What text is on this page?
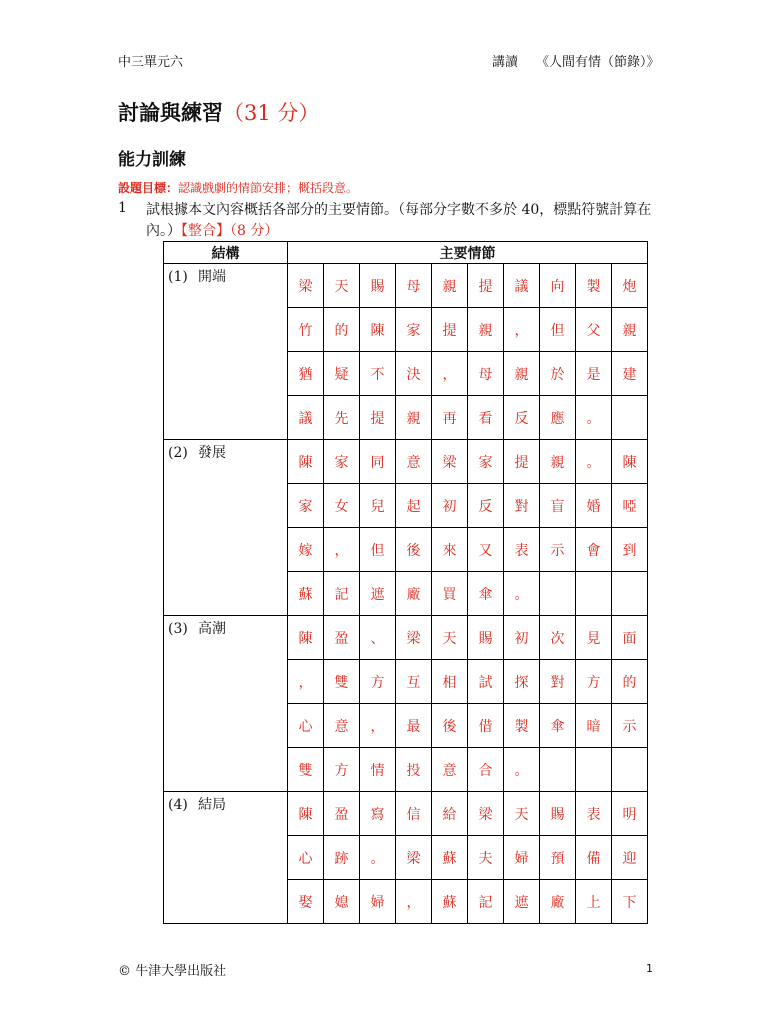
中三單元六	講讀 《人間有情（節錄）》
討論與練習（31 分）
能力訓練
設題目標：認識戲劇的情節安排；概括段意。
1 試根據本文內容概括各部分的主要情節。（每部分字數不多於 40，標點符號計算在內。）【整合】（8 分）
結構	主要情節									
(1) 開端	梁	天	賜	母	親	提	議	向	製	炮
	竹	的	陳	家	提	親	，	但	父	親
	猶	疑	不	決	，	母	親	於	是	建
	議	先	提	親	再	看	反	應	。	
(2) 發展	陳	家	同	意	梁	家	提	親	。	陳
	家	女	兒	起	初	反	對	盲	婚	啞
	嫁	，	但	後	來	又	表	示	會	到
	蘇	記	遮	廠	買	傘	。			
(3) 高潮	陳	盈	、	梁	天	賜	初	次	見	面
	，	雙	方	互	相	試	探	對	方	的
	心	意	，	最	後	借	製	傘	暗	示
	雙	方	情	投	意	合	。			
(4) 結局	陳	盈	寫	信	給	梁	天	賜	表	明
	心	跡	。	梁	蘇	夫	婦	預	備	迎
	娶	媳	婦	，	蘇	記	遮	廠	上	下
© 牛津大學出版社	1
